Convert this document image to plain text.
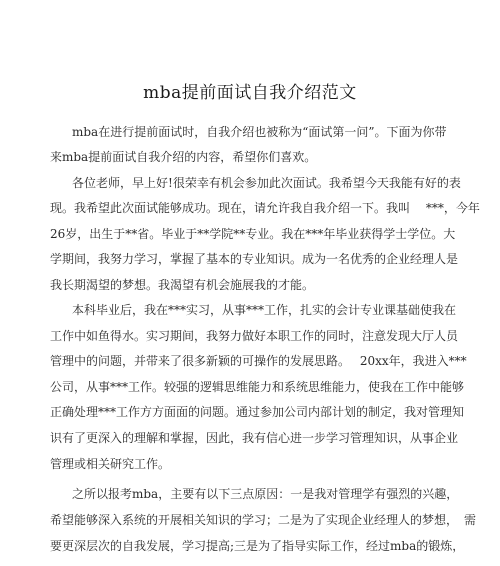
mba提前面试自我介绍范文
mba在进行提前面试时，自我介绍也被称为“面试第一问”。下面为你带
来mba提前面试自我介绍的内容，希望你们喜欢。
各位老师，早上好!很荣幸有机会参加此次面试。我希望今天我能有好的表
现。我希望此次面试能够成功。现在，请允许我自我介绍一下。我叫　 ***，今年
26岁，出生于**省。毕业于**学院**专业。我在***年毕业获得学士学位。大
学期间，我努力学习，掌握了基本的专业知识。成为一名优秀的企业经理人是
我长期渴望的梦想。我渴望有机会施展我的才能。
本科毕业后，我在***实习，从事***工作，扎实的会计专业课基础使我在
工作中如鱼得水。实习期间，我努力做好本职工作的同时，注意发现大厅人员
管理中的问题，并带来了很多新颖的可操作的发展思路。　 20xx年，我进入***
公司，从事***工作。较强的逻辑思维能力和系统思维能力，使我在工作中能够
正确处理***工作方方面面的问题。通过参加公司内部计划的制定，我对管理知
识有了更深入的理解和掌握，因此，我有信心进一步学习管理知识，从事企业
管理或相关研究工作。
之所以报考mba，主要有以下三点原因：一是我对管理学有强烈的兴趣，
希望能够深入系统的开展相关知识的学习；二是为了实现企业经理人的梦想，　需
要更深层次的自我发展，学习提高;三是为了指导实际工作，经过mba的锻炼，
